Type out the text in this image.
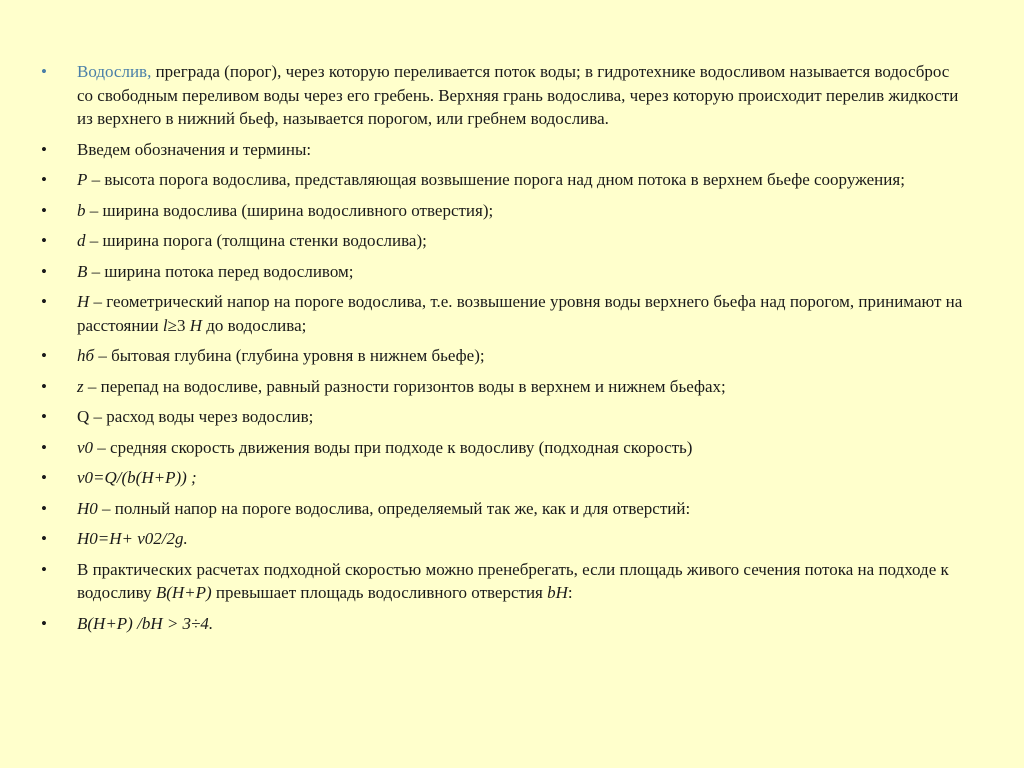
• Водослив, преграда (порог), через которую переливается поток воды; в гидротехнике водосливом называется водосброс со свободным переливом воды через его гребень. Верхняя грань водослива, через которую происходит перелив жидкости из верхнего в нижний бьеф, называется порогом, или гребнем водослива.
• Введем обозначения и термины:
• P – высота порога водослива, представляющая возвышение порога над дном потока в верхнем бьефе сооружения;
• b – ширина водослива (ширина водосливного отверстия);
• d – ширина порога (толщина стенки водослива);
• B – ширина потока перед водосливом;
• H – геометрический напор на пороге водослива, т.е. возвышение уровня воды верхнего бьефа над порогом, принимают на расстоянии l≥3 H до водослива;
• hб – бытовая глубина (глубина уровня в нижнем бьефе);
• z – перепад на водосливе, равный разности горизонтов воды в верхнем и нижнем бьефах;
• Q – расход воды через водослив;
• v0 – средняя скорость движения воды при подходе к водосливу (подходная скорость)
• v0=Q/(b(H+P)) ;
• H0 – полный напор на пороге водослива, определяемый так же, как и для отверстий:
• H0=H+ v02/2g.
• В практических расчетах подходной скоростью можно пренебрегать, если площадь живого сечения потока на подходе к водосливу B(H+P) превышает площадь водосливного отверстия bH:
• B(H+P) /bH > 3÷4.
